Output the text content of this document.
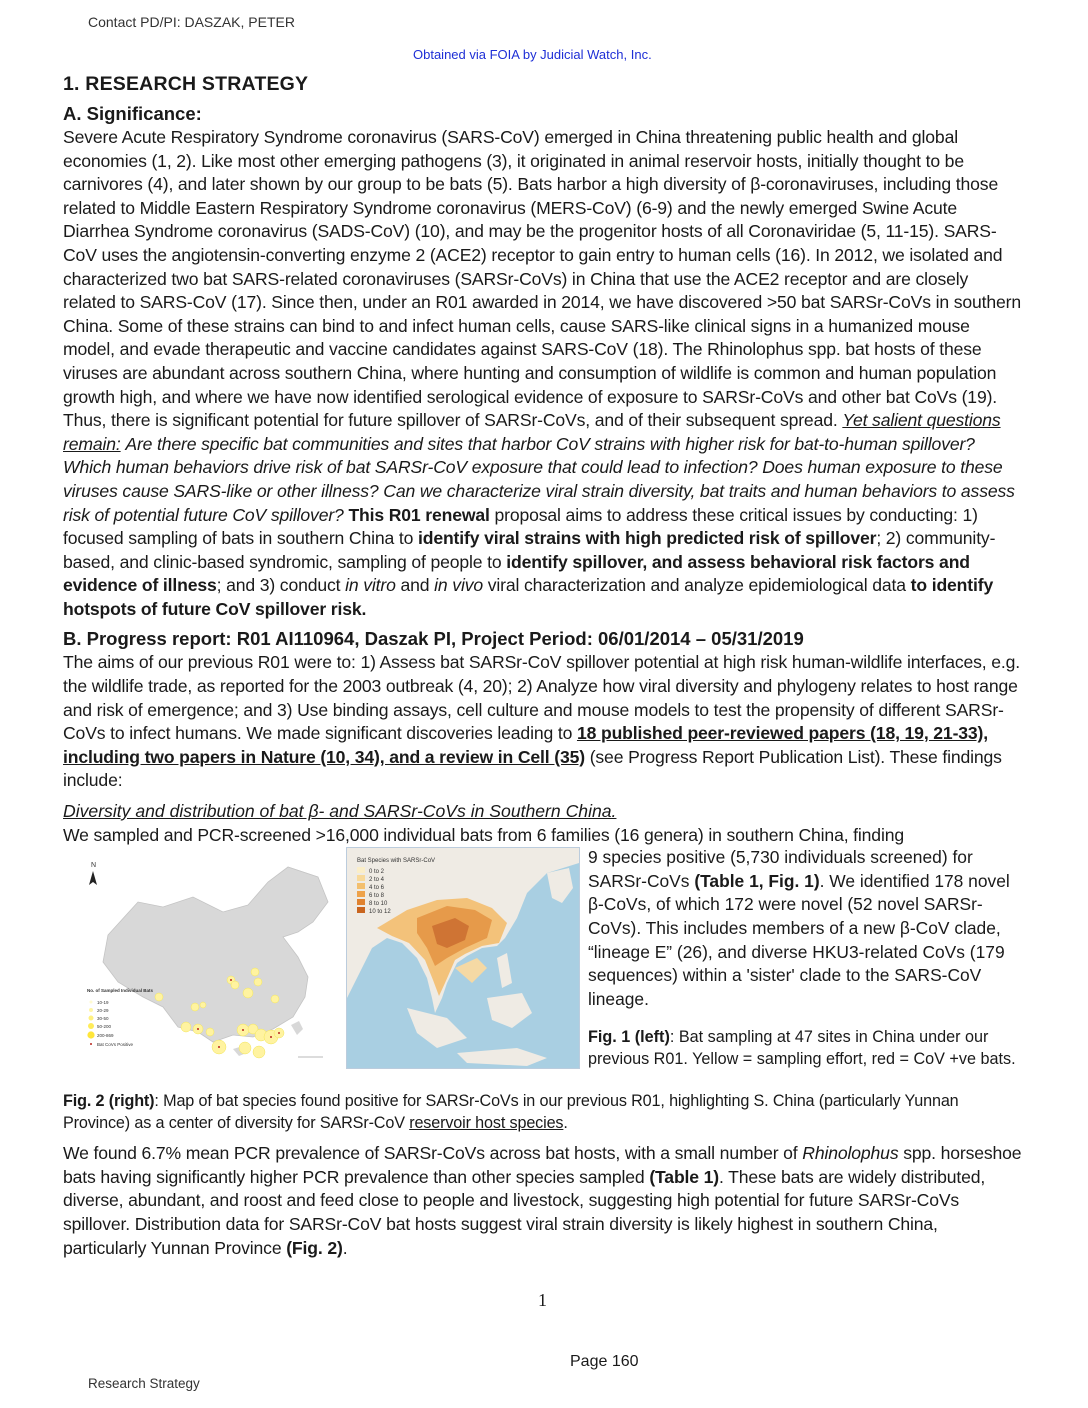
Contact PD/PI: DASZAK, PETER
Obtained via FOIA by Judicial Watch, Inc.
1. RESEARCH STRATEGY
A. Significance:

Severe Acute Respiratory Syndrome coronavirus (SARS-CoV) emerged in China threatening public health and global economies (1, 2). Like most other emerging pathogens (3), it originated in animal reservoir hosts, initially thought to be carnivores (4), and later shown by our group to be bats (5). Bats harbor a high diversity of β-coronaviruses, including those related to Middle Eastern Respiratory Syndrome coronavirus (MERS-CoV) (6-9) and the newly emerged Swine Acute Diarrhea Syndrome coronavirus (SADS-CoV) (10), and may be the progenitor hosts of all Coronaviridae (5, 11-15). SARS-CoV uses the angiotensin-converting enzyme 2 (ACE2) receptor to gain entry to human cells (16). In 2012, we isolated and characterized two bat SARS-related coronaviruses (SARSr-CoVs) in China that use the ACE2 receptor and are closely related to SARS-CoV (17). Since then, under an R01 awarded in 2014, we have discovered >50 bat SARSr-CoVs in southern China. Some of these strains can bind to and infect human cells, cause SARS-like clinical signs in a humanized mouse model, and evade therapeutic and vaccine candidates against SARS-CoV (18). The Rhinolophus spp. bat hosts of these viruses are abundant across southern China, where hunting and consumption of wildlife is common and human population growth high, and where we have now identified serological evidence of exposure to SARSr-CoVs and other bat CoVs (19). Thus, there is significant potential for future spillover of SARSr-CoVs, and of their subsequent spread. Yet salient questions remain: Are there specific bat communities and sites that harbor CoV strains with higher risk for bat-to-human spillover? Which human behaviors drive risk of bat SARSr-CoV exposure that could lead to infection? Does human exposure to these viruses cause SARS-like or other illness? Can we characterize viral strain diversity, bat traits and human behaviors to assess risk of potential future CoV spillover? This R01 renewal proposal aims to address these critical issues by conducting: 1) focused sampling of bats in southern China to identify viral strains with high predicted risk of spillover; 2) community-based, and clinic-based syndromic, sampling of people to identify spillover, and assess behavioral risk factors and evidence of illness; and 3) conduct in vitro and in vivo viral characterization and analyze epidemiological data to identify hotspots of future CoV spillover risk.

B. Progress report: R01 AI110964, Daszak PI, Project Period: 06/01/2014 – 05/31/2019

The aims of our previous R01 were to: 1) Assess bat SARSr-CoV spillover potential at high risk human-wildlife interfaces, e.g. the wildlife trade, as reported for the 2003 outbreak (4, 20); 2) Analyze how viral diversity and phylogeny relates to host range and risk of emergence; and 3) Use binding assays, cell culture and mouse models to test the propensity of different SARSr-CoVs to infect humans. We made significant discoveries leading to 18 published peer-reviewed papers (18, 19, 21-33), including two papers in Nature (10, 34), and a review in Cell (35) (see Progress Report Publication List). These findings include:

Diversity and distribution of bat β- and SARSr-CoVs in Southern China.

We sampled and PCR-screened >16,000 individual bats from 6 families (16 genera) in southern China, finding

N
No. of Sampled Individual Bats
10-19
20-29
30-50
50-200
200-869
Bat CoVs Positive
Bat Species with SARSr-CoV
0 to 2
2 to 4
4 to 6
6 to 8
8 to 10
10 to 12
9 species positive (5,730 individuals screened) for SARSr-CoVs (Table 1, Fig. 1). We identified 178 novel β-CoVs, of which 172 were novel (52 novel SARSr-CoVs). This includes members of a new β-CoV clade, “lineage E” (26), and diverse HKU3-related CoVs (179 sequences) within a 'sister' clade to the SARS-CoV lineage.
Fig. 1 (left): Bat sampling at 47 sites in China under our previous R01. Yellow = sampling effort, red = CoV +ve bats.

Fig. 2 (right): Map of bat species found positive for SARSr-CoVs in our previous R01, highlighting S. China (particularly Yunnan Province) as a center of diversity for SARSr-CoV reservoir host species.

We found 6.7% mean PCR prevalence of SARSr-CoVs across bat hosts, with a small number of Rhinolophus spp. horseshoe bats having significantly higher PCR prevalence than other species sampled (Table 1). These bats are widely distributed, diverse, abundant, and roost and feed close to people and livestock, suggesting high potential for future SARSr-CoVs spillover. Distribution data for SARSr-CoV bat hosts suggest viral strain diversity is likely highest in southern China, particularly Yunnan Province (Fig. 2).

1
Page 160
Research Strategy
